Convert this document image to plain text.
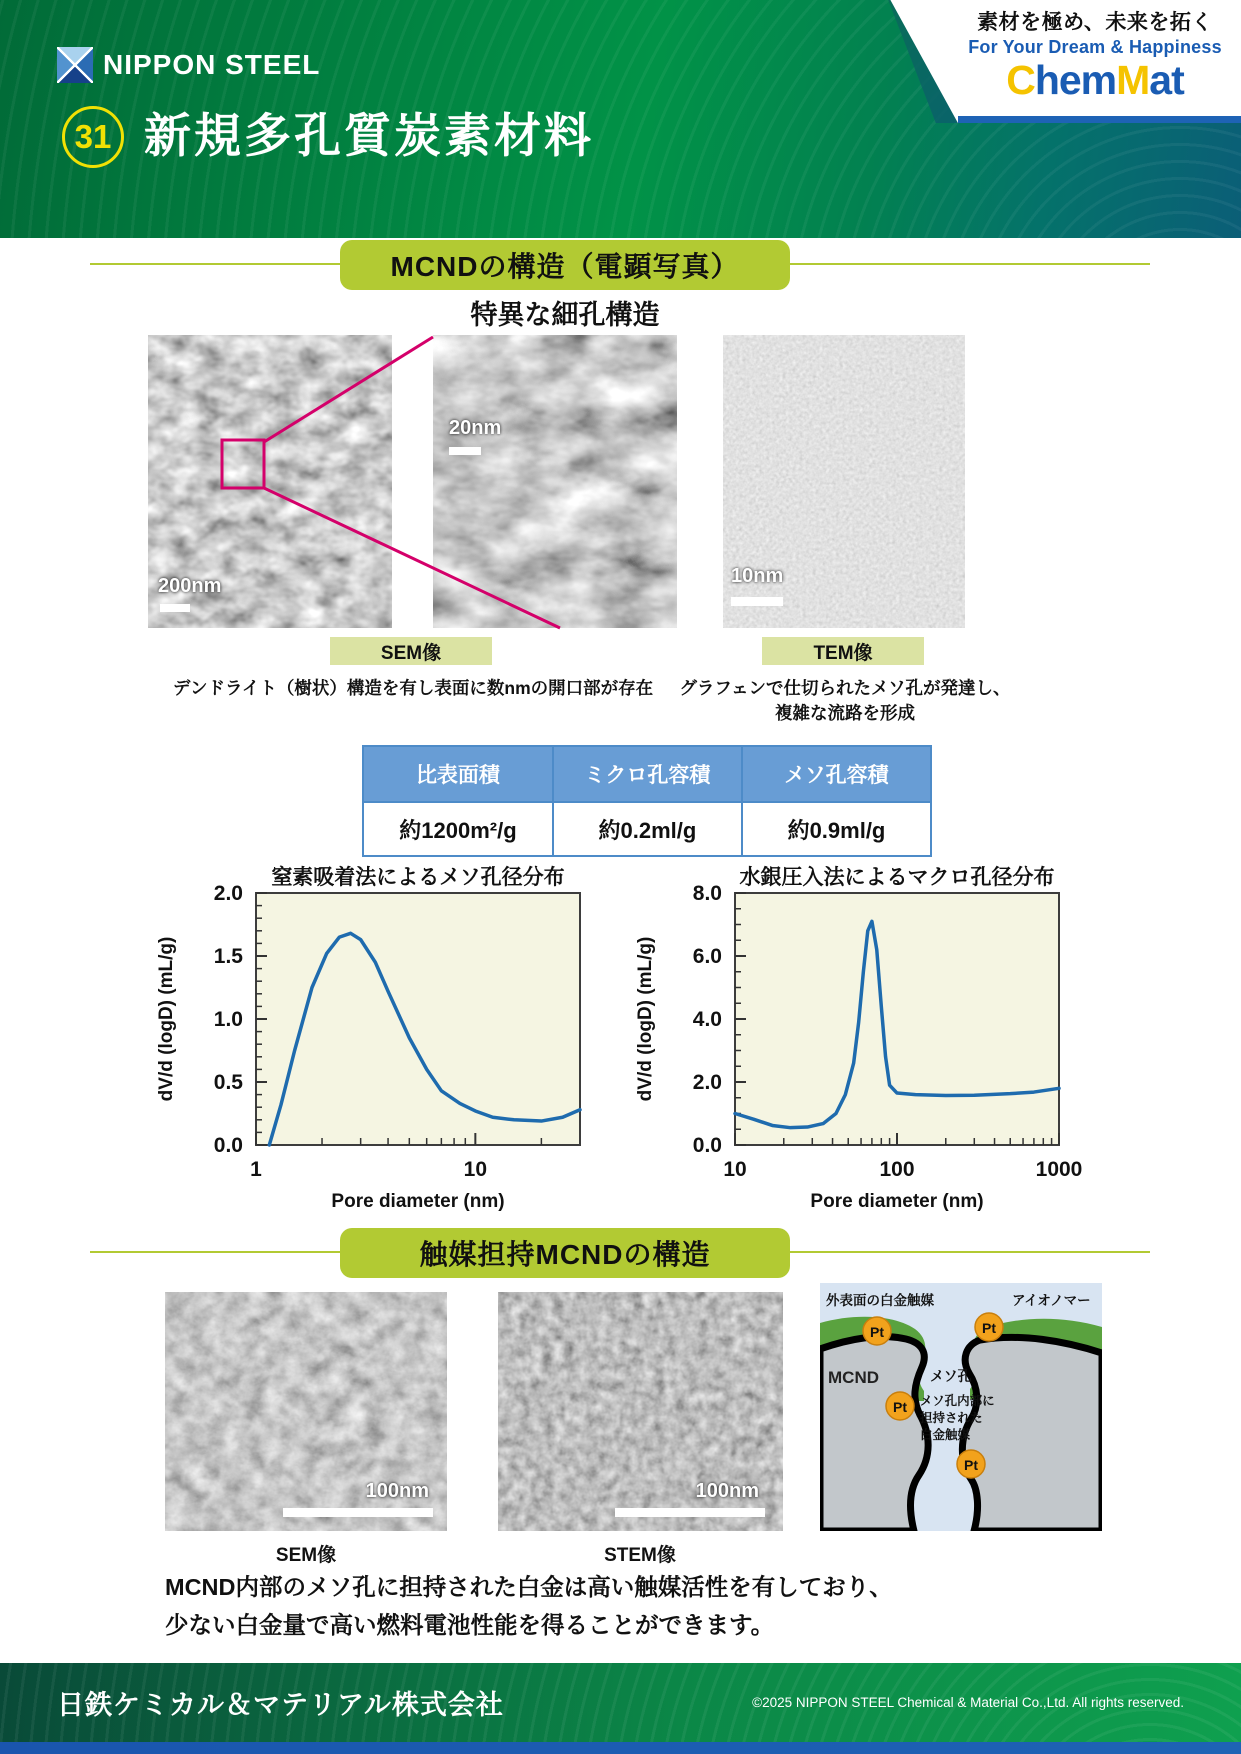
NIPPON STEEL
素材を極め、未来を拓く
For Your Dream & Happiness
ChemMat
31 新規多孔質炭素材料
MCNDの構造（電顕写真）
特異な細孔構造
200nm
20nm
10nm
SEM像	TEM像
デンドライト（樹状）構造を有し表面に数nmの開口部が存在	グラフェンで仕切られたメソ孔が発達し、
複雑な流路を形成
比表面積	ミクロ孔容積	メソ孔容積
約1200m²/g	約0.2ml/g	約0.9ml/g
窒素吸着法によるメソ孔径分布	水銀圧入法によるマクロ孔径分布
0.0
0.5
1.0
1.5
2.0
1	10
dV/d (logD) (mL/g)
Pore diameter (nm)
0.0
2.0
4.0
6.0
8.0
10	100	1000
dV/d (logD) (mL/g)
Pore diameter (nm)
触媒担持MCNDの構造
100nm	100nm
Pt	Pt
Pt
Pt
外表面の白金触媒	アイオノマー
MCND	メソ孔
メソ孔内部に
担持された
白金触媒
SEM像	STEM像
MCND内部のメソ孔に担持された白金は高い触媒活性を有しており、
少ない白金量で高い燃料電池性能を得ることができます。
日鉄ケミカル＆マテリアル株式会社	©2025 NIPPON STEEL Chemical & Material Co.,Ltd. All rights reserved.
